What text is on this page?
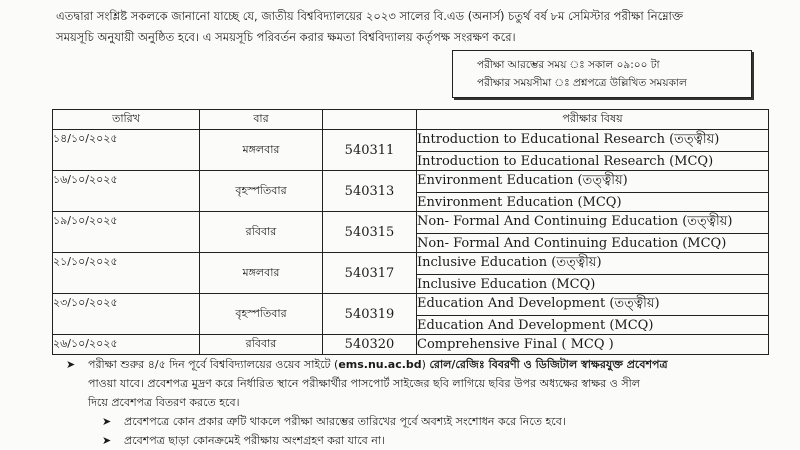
এতদ্বারা সংশ্লিষ্ট সকলকে জানানো যাচ্ছে যে, জাতীয় বিশ্ববিদ্যালয়ের ২০২৩ সালের বি.এড (অনার্স) চতুর্থ বর্ষ ৮ম সেমিস্টার পরীক্ষা নিম্নোক্ত
সময়সূচি অনুযায়ী অনুষ্ঠিত হবে। এ সময়সূচি পরিবর্তন করার ক্ষমতা বিশ্ববিদ্যালয় কর্তৃপক্ষ সংরক্ষণ করে।
পরীক্ষা আরম্ভের সময় ঃ সকাল ০৯:০০ টা
পরীক্ষার সময়সীমা ঃ প্রশ্নপত্রে উল্লিখিত সময়কাল
তারিখ	বার		পরীক্ষার বিষয়
১৪/১০/২০২৫	মঙ্গলবার	540311	Introduction to Educational Research (তত্ত্বীয়)
			Introduction to Educational Research (MCQ)
১৬/১০/২০২৫	বৃহস্পতিবার	540313	Environment Education (তত্ত্বীয়)
			Environment Education (MCQ)
১৯/১০/২০২৫	রবিবার	540315	Non- Formal And Continuing Education (তত্ত্বীয়)
			Non- Formal And Continuing Education (MCQ)
২১/১০/২০২৫	মঙ্গলবার	540317	Inclusive Education (তত্ত্বীয়)
			Inclusive Education (MCQ)
২৩/১০/২০২৫	বৃহস্পতিবার	540319	Education And Development (তত্ত্বীয়)
			Education And Development (MCQ)
২৬/১০/২০২৫	রবিবার	540320	Comprehensive Final ( MCQ )
➤ পরীক্ষা শুরুর ৪/৫ দিন পূর্বে বিশ্ববিদ্যালয়ের ওয়েব সাইটে (ems.nu.ac.bd) রোল/রেজিঃ বিবরণী ও ডিজিটাল স্বাক্ষরযুক্ত প্রবেশপত্র
পাওয়া যাবে। প্রবেশপত্র মুদ্রণ করে নির্ধারিত স্থানে পরীক্ষার্থীর পাসপোর্ট সাইজের ছবি লাগিয়ে ছবির উপর অধ্যক্ষের স্বাক্ষর ও সীল
দিয়ে প্রবেশপত্র বিতরণ করতে হবে।
➤ প্রবেশপত্রে কোন প্রকার ত্রুটি থাকলে পরীক্ষা আরম্ভের তারিখের পূর্বে অবশ্যই সংশোধন করে নিতে হবে।
➤ প্রবেশপত্র ছাড়া কোনক্রমেই পরীক্ষায় অংশগ্রহণ করা যাবে না।
